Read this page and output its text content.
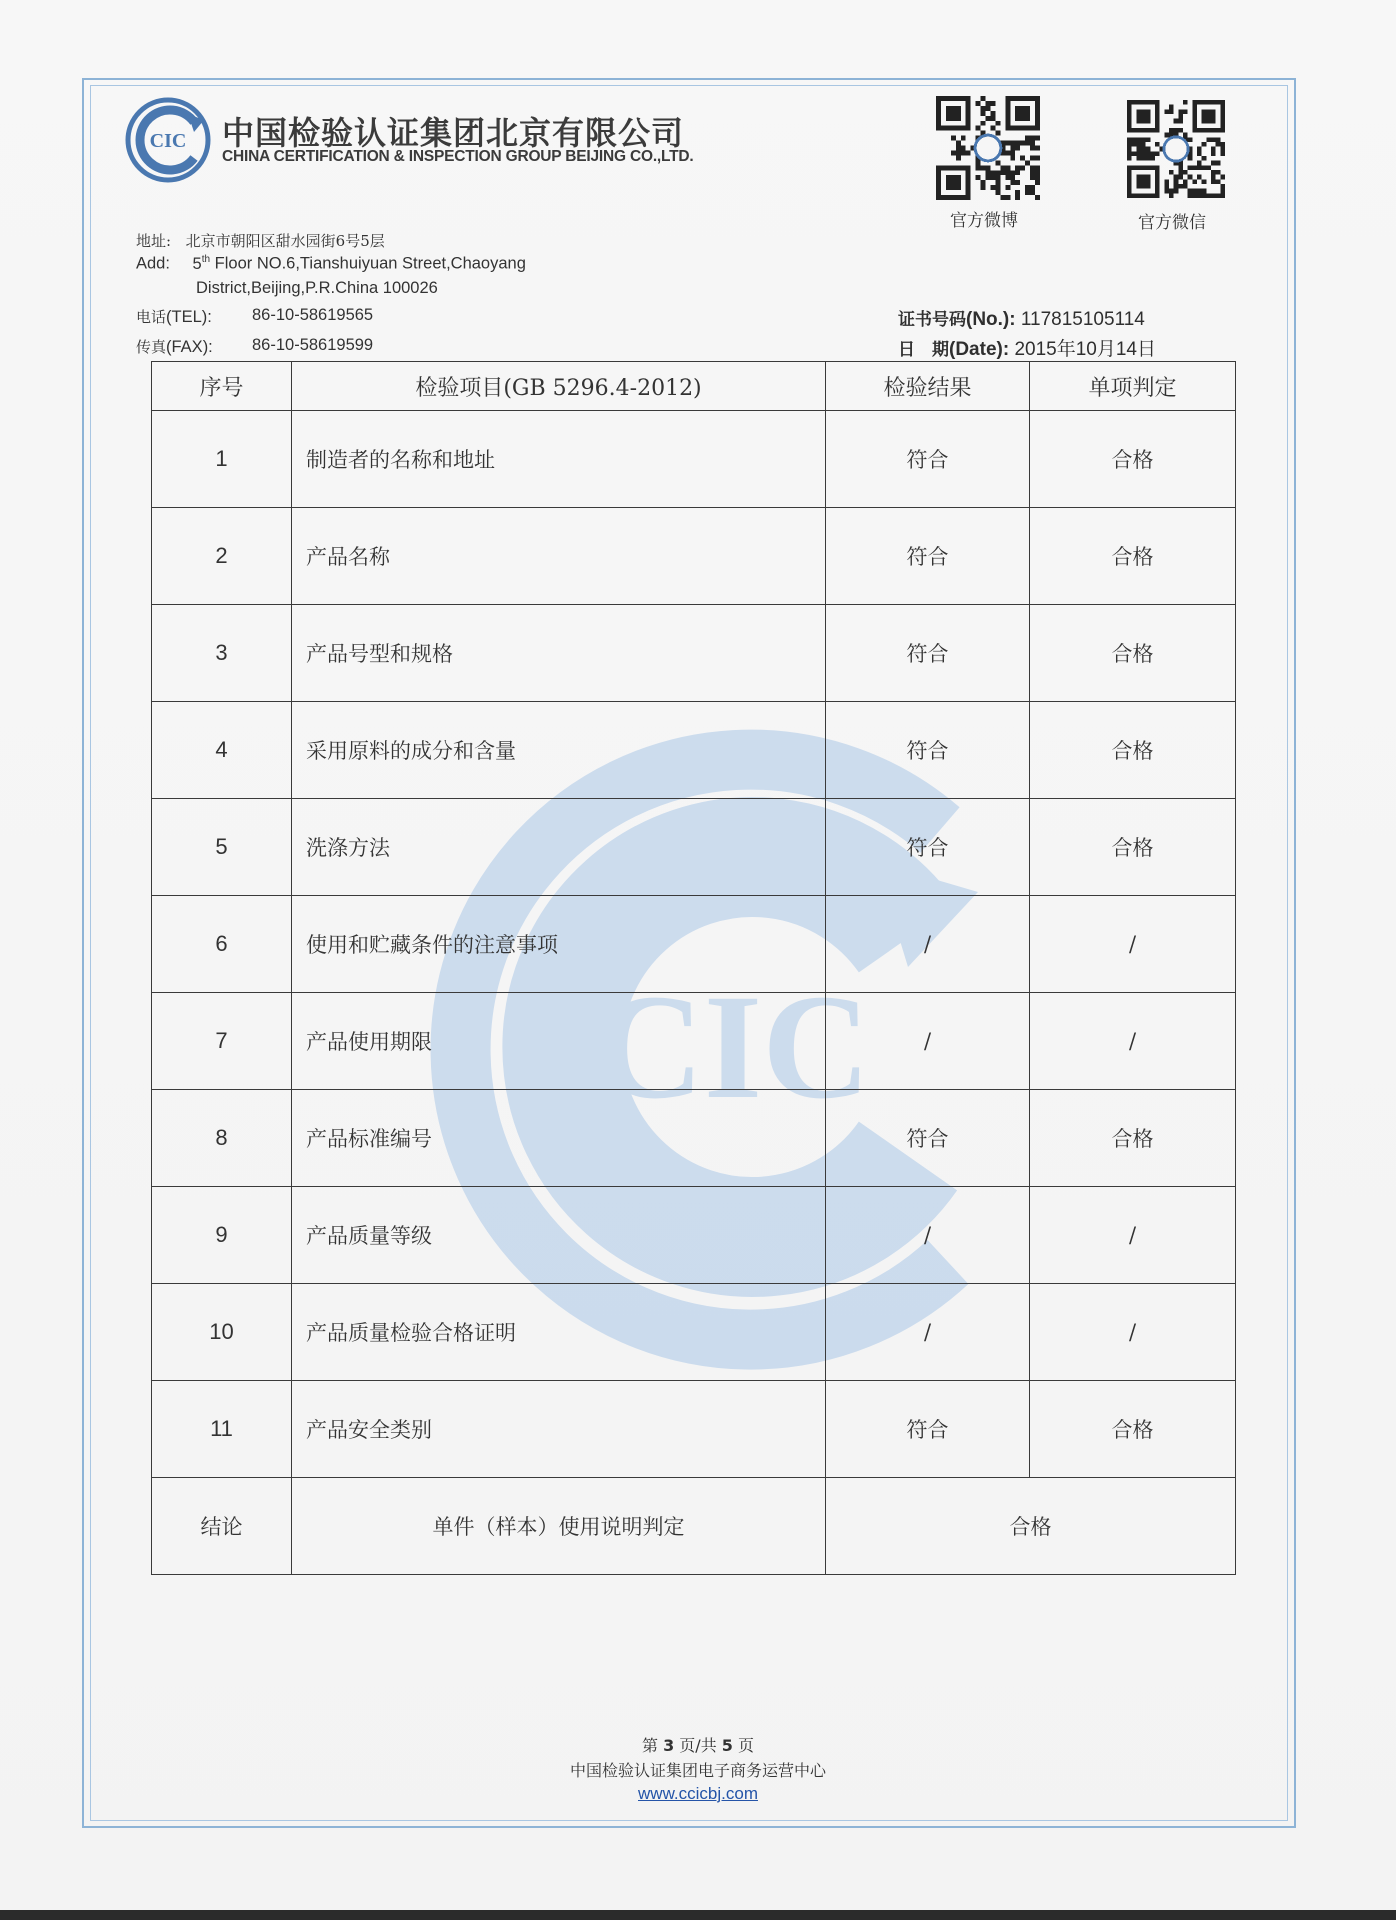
CIC 中国检验认证集团北京有限公司
CHINA CERTIFICATION & INSPECTION GROUP BEIJING CO.,LTD.
官方微博	官方微信
地址: 北京市朝阳区甜水园街6号5层
Add: 5th Floor NO.6,Tianshuiyuan Street,Chaoyang
District,Beijing,P.R.China 100026
电话(TEL): 86-10-58619565
传真(FAX): 86-10-58619599
证书号码(No.): 117815105114
日　期(Date): 2015年10月14日
CIC
序号	检验项目(GB 5296.4-2012)	检验结果	单项判定
1	制造者的名称和地址	符合	合格
2	产品名称	符合	合格
3	产品号型和规格	符合	合格
4	采用原料的成分和含量	符合	合格
5	洗涤方法	符合	合格
6	使用和贮藏条件的注意事项	/	/
7	产品使用期限	/	/
8	产品标准编号	符合	合格
9	产品质量等级	/	/
10	产品质量检验合格证明	/	/
11	产品安全类别	符合	合格
结论	单件（样本）使用说明判定	合格	
第 3 页/共 5 页
中国检验认证集团电子商务运营中心
www.ccicbj.com
